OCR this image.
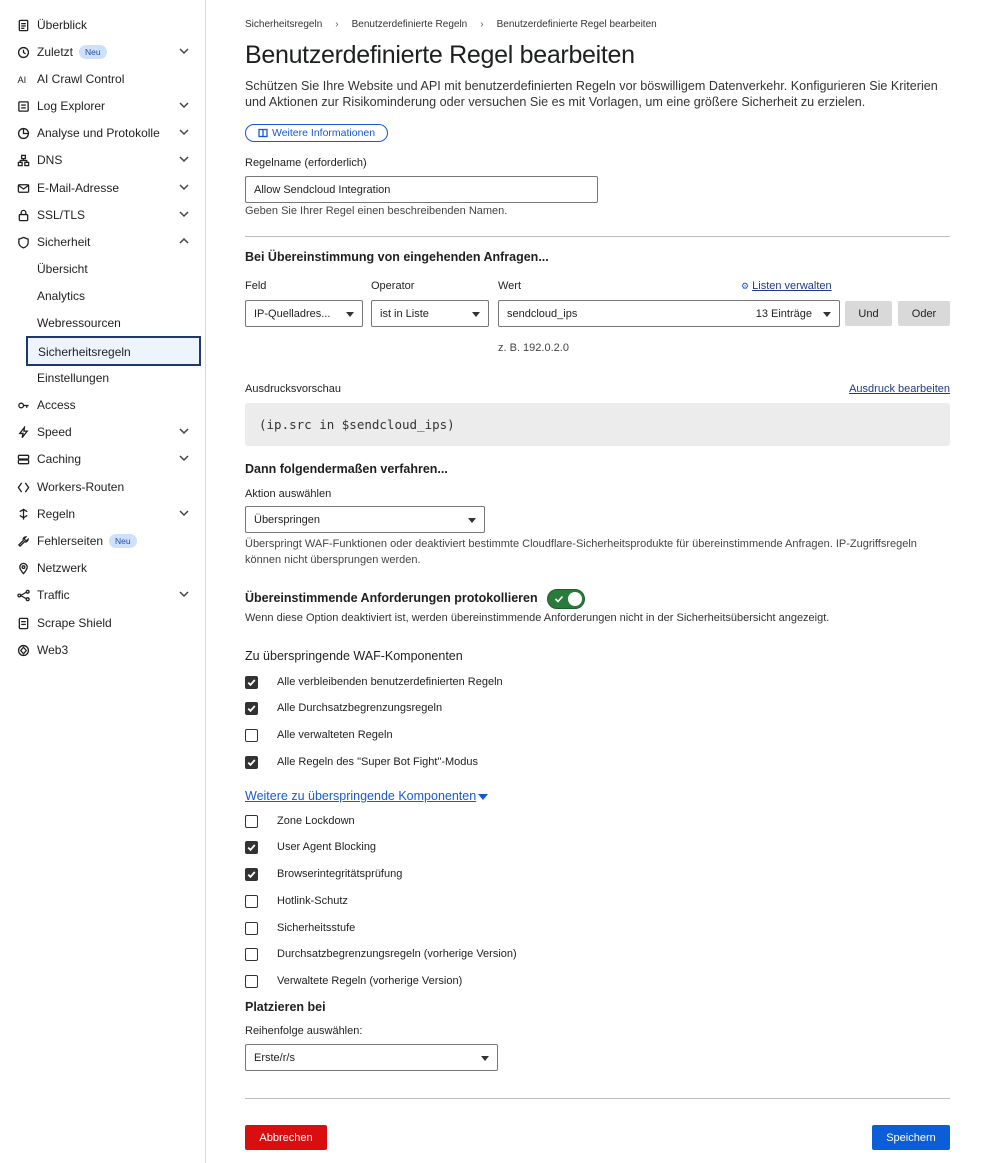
Überblick
Zuletzt	Neu
AI AI Crawl Control
Log Explorer
Analyse und Protokolle
DNS
E-Mail-Adresse
SSL/TLS
Sicherheit
Übersicht
Analytics
Webressourcen
Sicherheitsregeln
Einstellungen
Access
Speed
Caching
Workers-Routen
Regeln
Fehlerseiten	Neu
Netzwerk
Traffic
Scrape Shield
Web3
Sicherheitsregeln › Benutzerdefinierte Regeln › Benutzerdefinierte Regel bearbeiten
Benutzerdefinierte Regel bearbeiten

Schützen Sie Ihre Website und API mit benutzerdefinierten Regeln vor böswilligem Datenverkehr. Konfigurieren Sie Kriterien und Aktionen zur Risikominderung oder versuchen Sie es mit Vorlagen, um eine größere Sicherheit zu erzielen.

Weitere Informationen
Regelname (erforderlich)
Allow Sendcloud Integration
Geben Sie Ihrer Regel einen beschreibenden Namen.
Bei Übereinstimmung von eingehenden Anfragen...
Feld	Operator	Wert	⚙ Listen verwalten
IP-Quelladres...	ist in Liste	sendcloud_ips	13 Einträge	Und	Oder
z. B. 192.0.2.0
Ausdrucksvorschau	Ausdruck bearbeiten
(ip.src in $sendcloud_ips)
Dann folgendermaßen verfahren...
Aktion auswählen
Überspringen

Überspringt WAF-Funktionen oder deaktiviert bestimmte Cloudflare-Sicherheitsprodukte für übereinstimmende Anfragen. IP-Zugriffsregeln können nicht übersprungen werden.

Übereinstimmende Anforderungen protokollieren
Wenn diese Option deaktiviert ist, werden übereinstimmende Anforderungen nicht in der Sicherheitsübersicht angezeigt.
Zu überspringende WAF-Komponenten
Alle verbleibenden benutzerdefinierten Regeln
Alle Durchsatzbegrenzungsregeln
Alle verwalteten Regeln
Alle Regeln des "Super Bot Fight"-Modus
Weitere zu überspringende Komponenten
Zone Lockdown
User Agent Blocking
Browserintegritätsprüfung
Hotlink-Schutz
Sicherheitsstufe
Durchsatzbegrenzungsregeln (vorherige Version)
Verwaltete Regeln (vorherige Version)
Platzieren bei
Reihenfolge auswählen:
Erste/r/s
Abbrechen	Speichern
